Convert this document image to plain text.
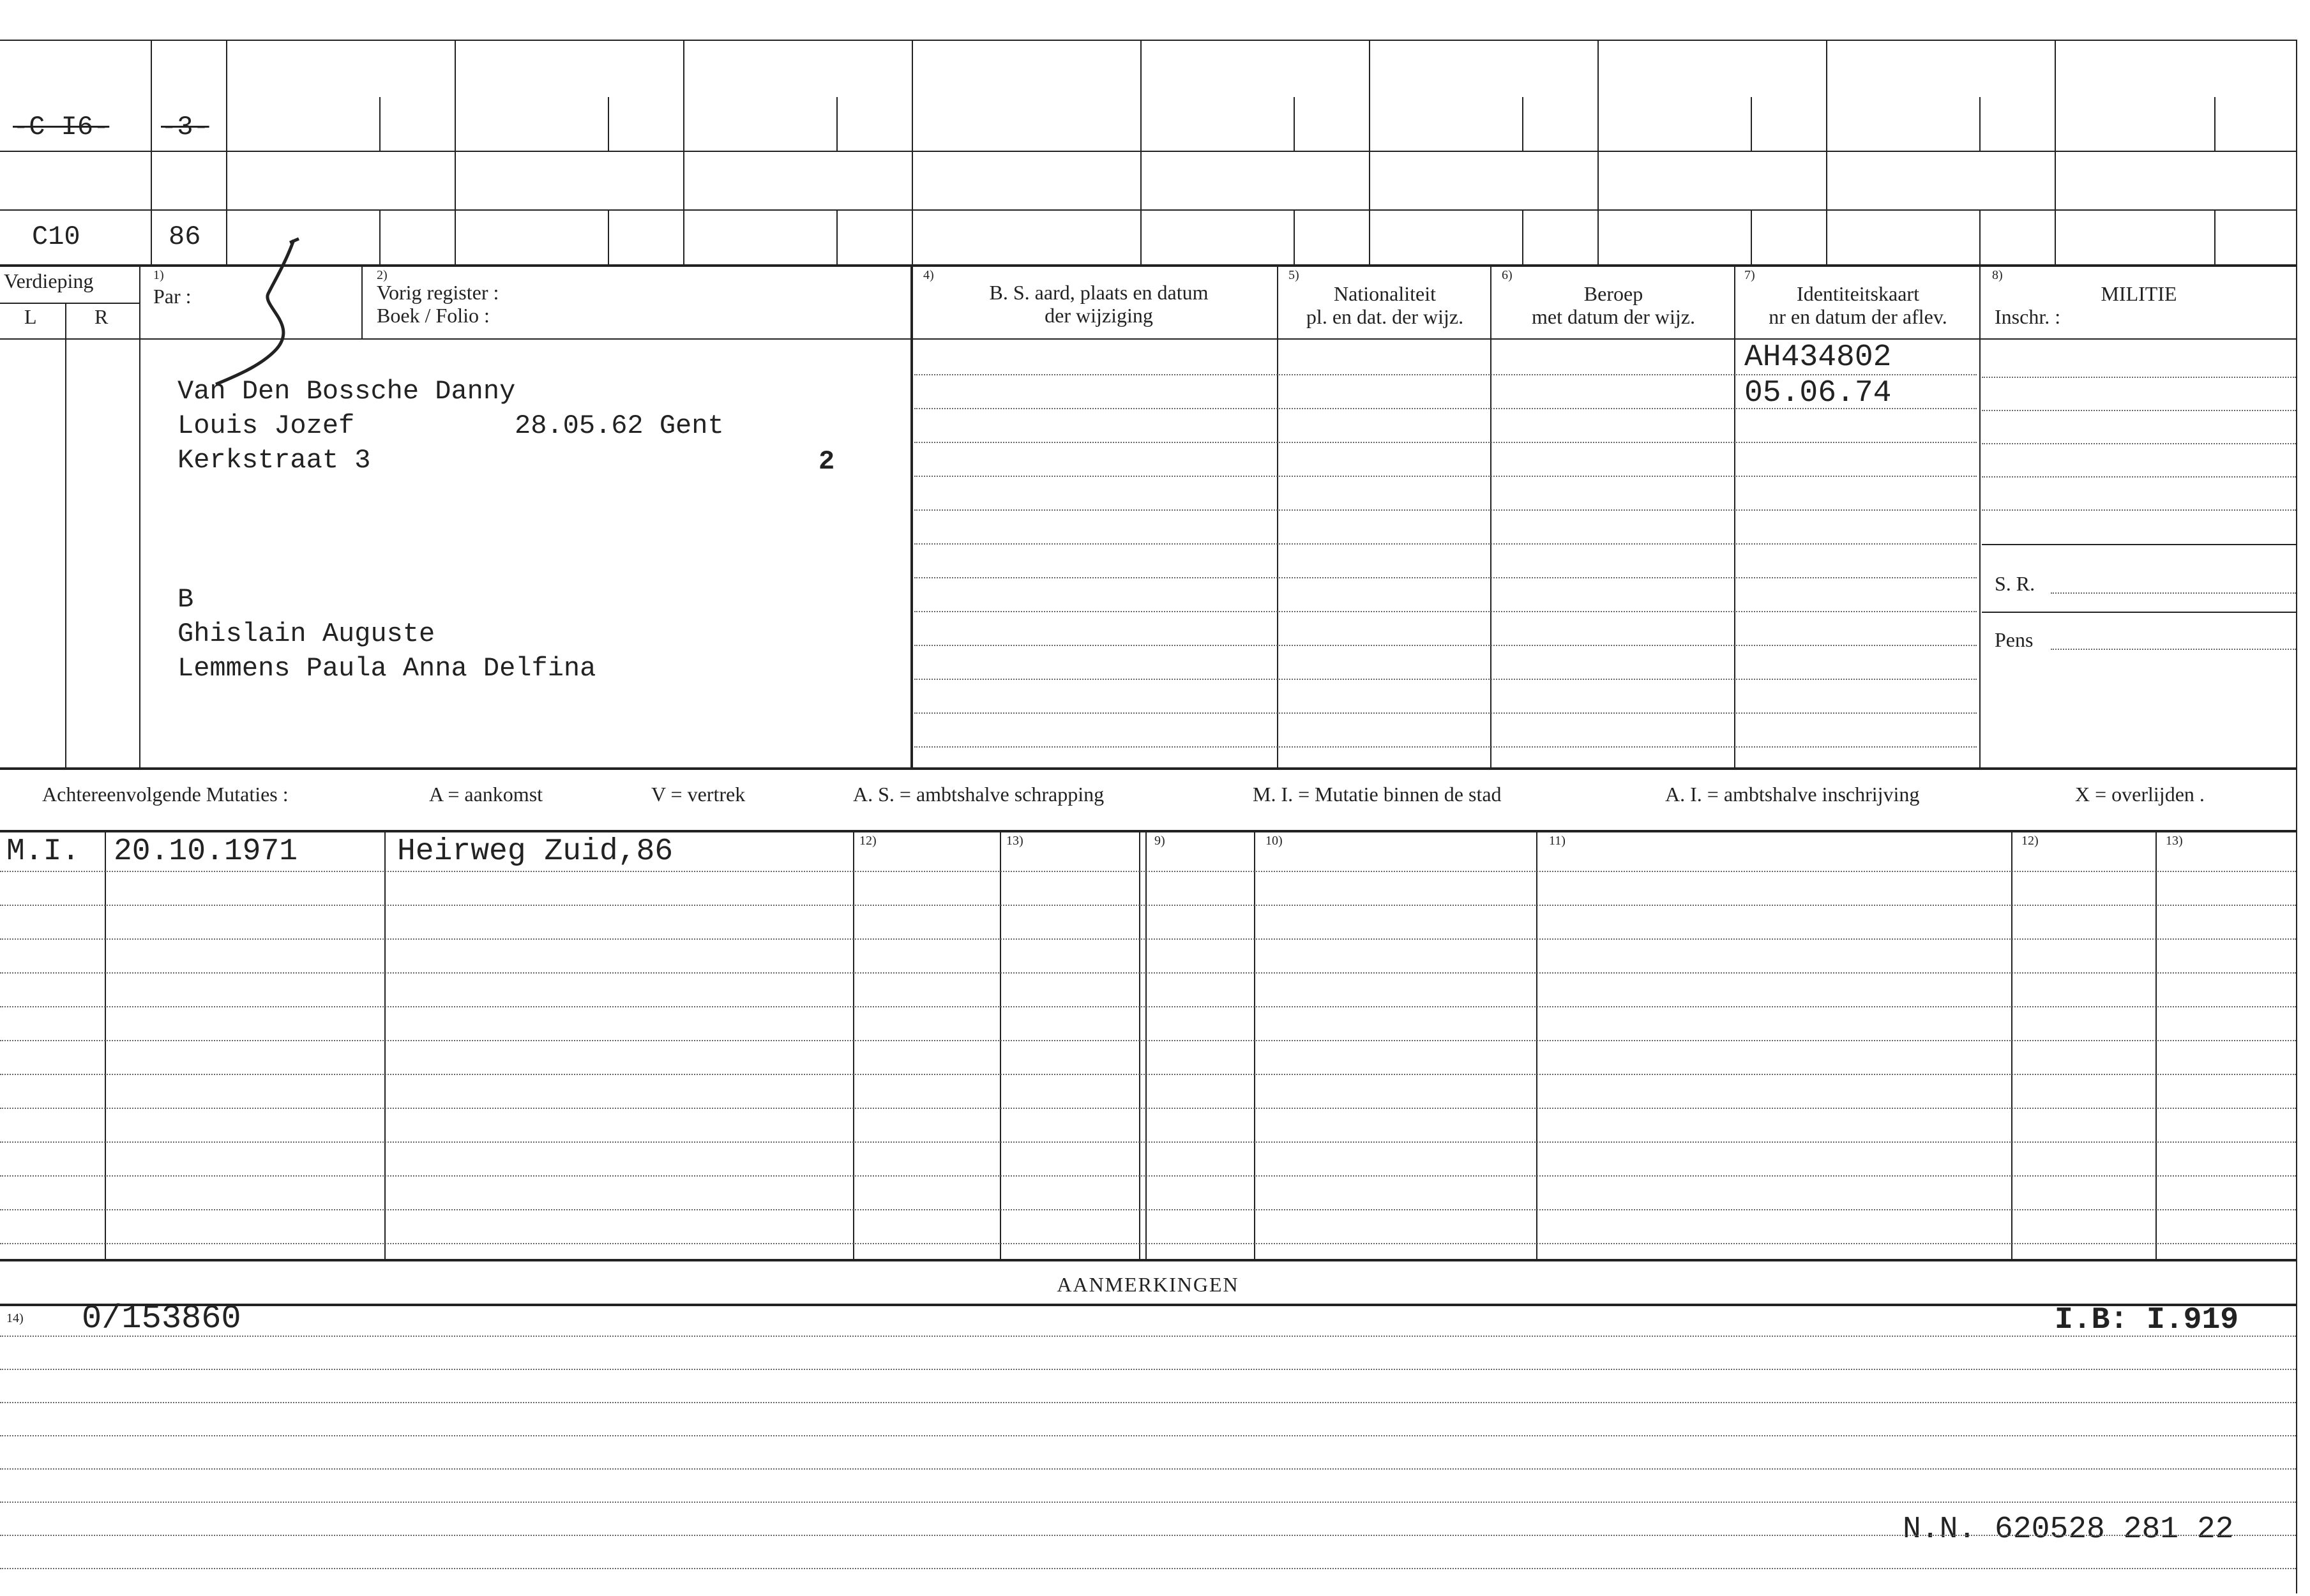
-C I6- -3-
C10	86
Verdieping
L	R
1)
Par :
2)
Vorig register :
Boek / Folio :
4)
B. S. aard, plaats en datum
der wijziging
5)
Nationaliteit
pl. en dat. der wijz.
6)
Beroep
met datum der wijz.
7)
Identiteitskaart
nr en datum der aflev.
8)
MILITIE
Inschr. :
S. R.
Pens
Van Den Bossche Danny
Louis Jozef	28.05.62 Gent
Kerkstraat 3	2
B
Ghislain Auguste
Lemmens Paula Anna Delfina
AH434802
05.06.74
Achtereenvolgende Mutaties :	A = aankomst	V = vertrek	A. S. = ambtshalve schrapping	M. I. = Mutatie binnen de stad	A. I. = ambtshalve inschrijving	X = overlijden .
12)	13)	9)	10)	11)	12)	13)
M.I. 20.10.1971	Heirweg Zuid,86
AANMERKINGEN
14) 0/153860	I.B: I.919
N.N. 620528 281 22
